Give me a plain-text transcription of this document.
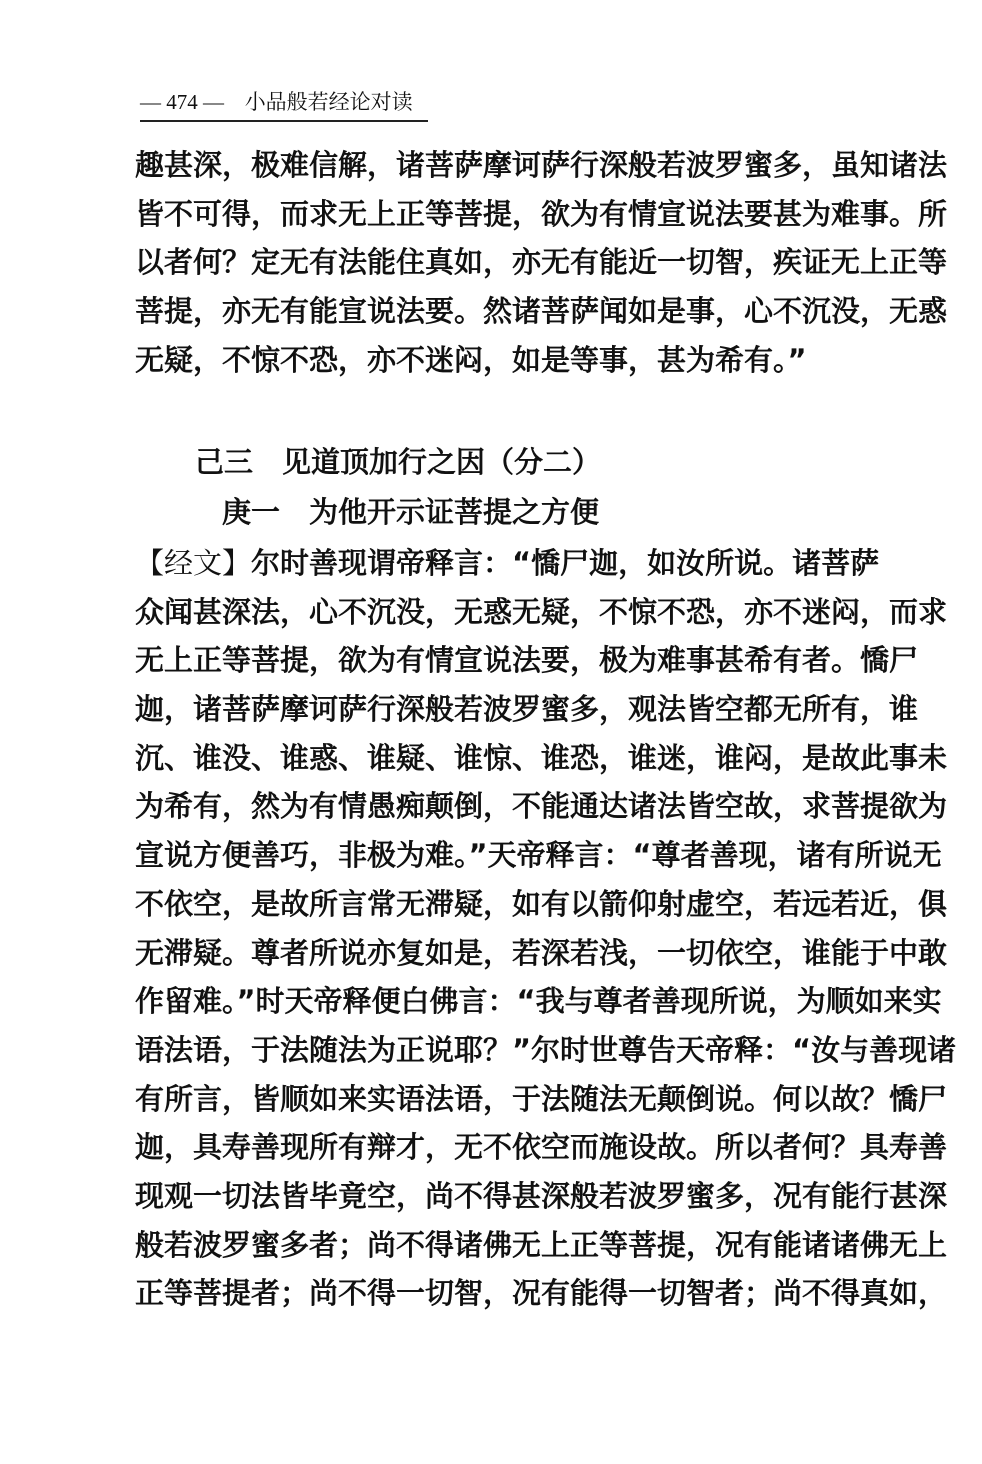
— 474 — 小品般若经论对读
趣甚深，极难信解，诸菩萨摩诃萨行深般若波罗蜜多，虽知诸法
皆不可得，而求无上正等菩提，欲为有情宣说法要甚为难事。所
以者何？定无有法能住真如，亦无有能近一切智，疾证无上正等
菩提，亦无有能宣说法要。然诸菩萨闻如是事，心不沉没，无惑
无疑，不惊不恐，亦不迷闷，如是等事，甚为希有。”
己三　见道顶加行之因（分二）
庚一　为他开示证菩提之方便
【经文】尔时善现谓帝释言：“憍尸迦，如汝所说。诸菩萨
众闻甚深法，心不沉没，无惑无疑，不惊不恐，亦不迷闷，而求
无上正等菩提，欲为有情宣说法要，极为难事甚希有者。憍尸
迦，诸菩萨摩诃萨行深般若波罗蜜多，观法皆空都无所有，谁
沉、谁没、谁惑、谁疑、谁惊、谁恐，谁迷，谁闷，是故此事未
为希有，然为有情愚痴颠倒，不能通达诸法皆空故，求菩提欲为
宣说方便善巧，非极为难。”天帝释言：“尊者善现，诸有所说无
不依空，是故所言常无滞疑，如有以箭仰射虚空，若远若近，俱
无滞疑。尊者所说亦复如是，若深若浅，一切依空，谁能于中敢
作留难。”时天帝释便白佛言：“我与尊者善现所说，为顺如来实
语法语，于法随法为正说耶？”尔时世尊告天帝释：“汝与善现诸
有所言，皆顺如来实语法语，于法随法无颠倒说。何以故？憍尸
迦，具寿善现所有辩才，无不依空而施设故。所以者何？具寿善
现观一切法皆毕竟空，尚不得甚深般若波罗蜜多，况有能行甚深
般若波罗蜜多者；尚不得诸佛无上正等菩提，况有能诸诸佛无上
正等菩提者；尚不得一切智，况有能得一切智者；尚不得真如，
